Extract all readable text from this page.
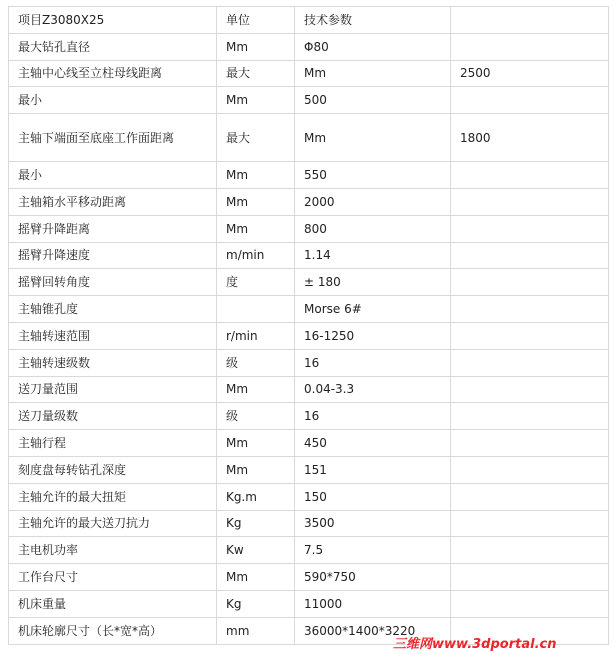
项目Z3080X25	单位	技术参数	
最大钻孔直径	Mm	Φ80	
主轴中心线至立柱母线距离	最大	Mm	2500
最小	Mm	500	
主轴下端面至底座工作面距离	最大	Mm	1800
最小	Mm	550	
主轴箱水平移动距离	Mm	2000	
摇臂升降距离	Mm	800	
摇臂升降速度	m/min	1.14	
摇臂回转角度	度	± 180	
主轴锥孔度		Morse 6#	
主轴转速范围	r/min	16-1250	
主轴转速级数	级	16	
送刀量范围	Mm	0.04-3.3	
送刀量级数	级	16	
主轴行程	Mm	450	
刻度盘每转钻孔深度	Mm	151	
主轴允许的最大扭矩	Kg.m	150	
主轴允许的最大送刀抗力	Kg	3500	
主电机功率	Kw	7.5	
工作台尺寸	Mm	590*750	
机床重量	Kg	11000	
机床轮廓尺寸（长*宽*高）	mm	36000*1400*3220	
三维网www.3dportal.cn
